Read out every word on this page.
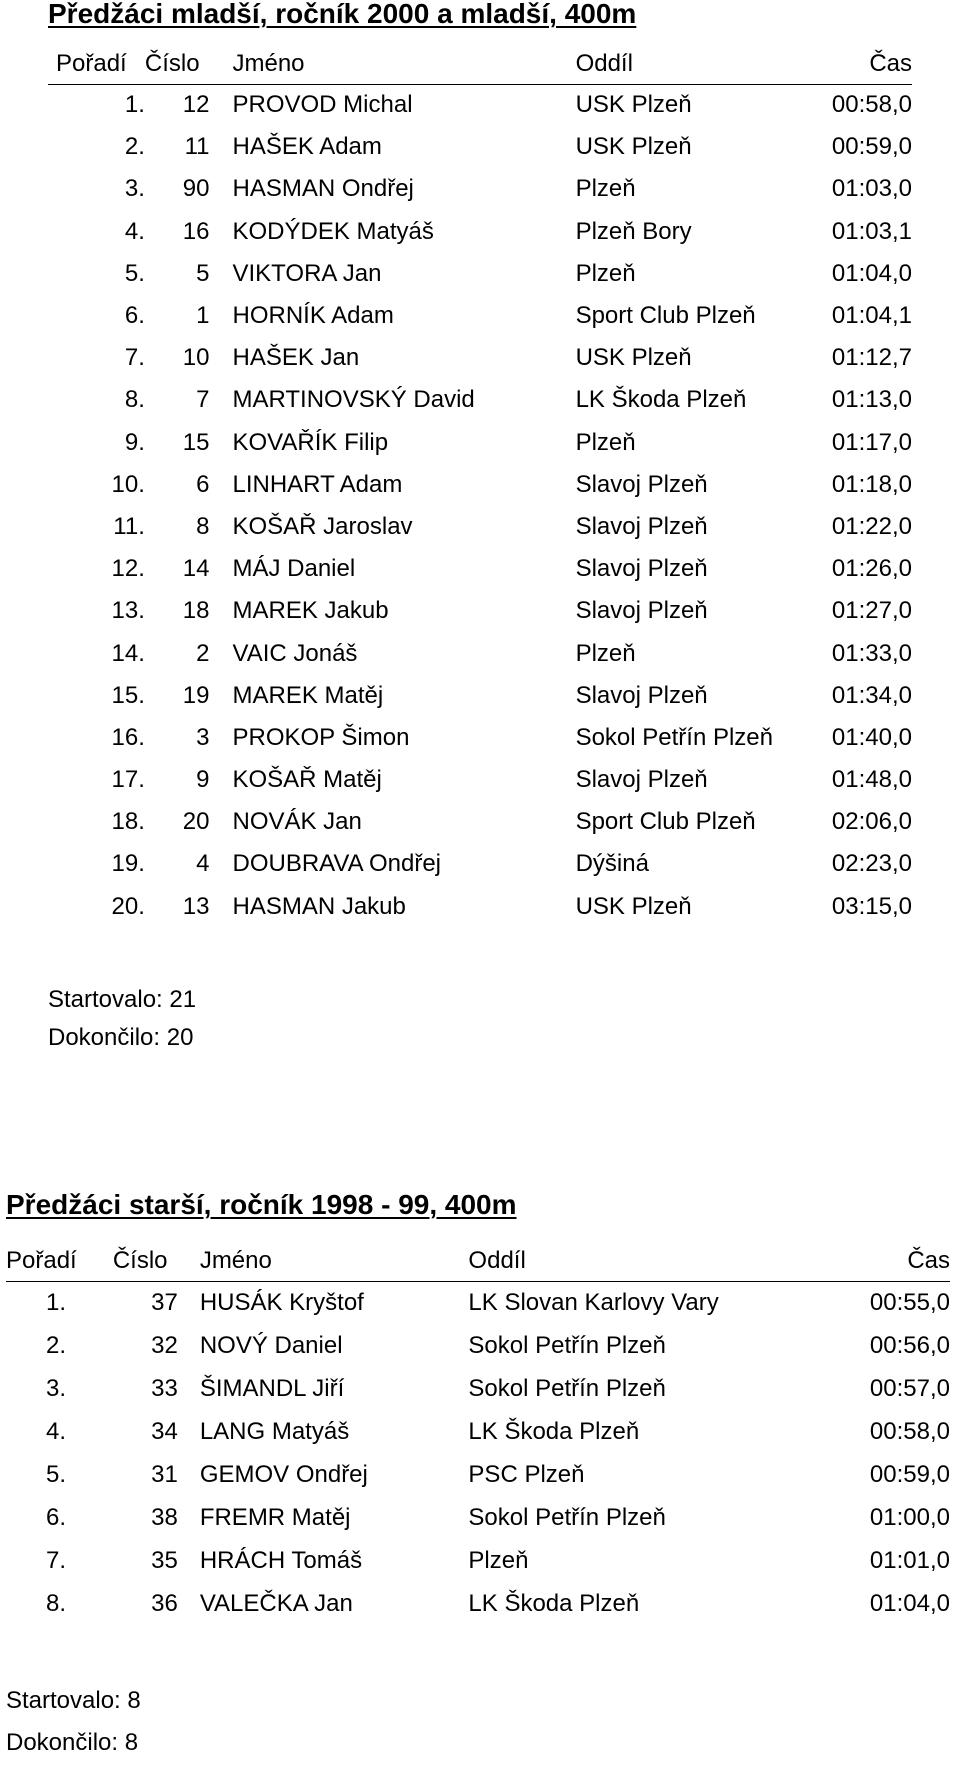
Předžáci mladší, ročník 2000 a mladší, 400m
Pořadí	Číslo	Jméno	Oddíl	Čas
1.	12	PROVOD Michal	USK Plzeň	00:58,0
2.	11	HAŠEK Adam	USK Plzeň	00:59,0
3.	90	HASMAN Ondřej	Plzeň	01:03,0
4.	16	KODÝDEK Matyáš	Plzeň Bory	01:03,1
5.	5	VIKTORA Jan	Plzeň	01:04,0
6.	1	HORNÍK Adam	Sport Club Plzeň	01:04,1
7.	10	HAŠEK Jan	USK Plzeň	01:12,7
8.	7	MARTINOVSKÝ David	LK Škoda Plzeň	01:13,0
9.	15	KOVAŘÍK Filip	Plzeň	01:17,0
10.	6	LINHART Adam	Slavoj Plzeň	01:18,0
11.	8	KOŠAŘ Jaroslav	Slavoj Plzeň	01:22,0
12.	14	MÁJ Daniel	Slavoj Plzeň	01:26,0
13.	18	MAREK Jakub	Slavoj Plzeň	01:27,0
14.	2	VAIC Jonáš	Plzeň	01:33,0
15.	19	MAREK Matěj	Slavoj Plzeň	01:34,0
16.	3	PROKOP Šimon	Sokol Petřín Plzeň	01:40,0
17.	9	KOŠAŘ Matěj	Slavoj Plzeň	01:48,0
18.	20	NOVÁK Jan	Sport Club Plzeň	02:06,0
19.	4	DOUBRAVA Ondřej	Dýšiná	02:23,0
20.	13	HASMAN Jakub	USK Plzeň	03:15,0
Startovalo: 21
Dokončilo: 20
Předžáci starší, ročník 1998 - 99, 400m
Pořadí	Číslo	Jméno	Oddíl	Čas
1.	37	HUSÁK Kryštof	LK Slovan Karlovy Vary	00:55,0
2.	32	NOVÝ Daniel	Sokol Petřín Plzeň	00:56,0
3.	33	ŠIMANDL Jiří	Sokol Petřín Plzeň	00:57,0
4.	34	LANG Matyáš	LK Škoda Plzeň	00:58,0
5.	31	GEMOV Ondřej	PSC Plzeň	00:59,0
6.	38	FREMR Matěj	Sokol Petřín Plzeň	01:00,0
7.	35	HRÁCH Tomáš	Plzeň	01:01,0
8.	36	VALEČKA Jan	LK Škoda Plzeň	01:04,0
Startovalo: 8
Dokončilo: 8
